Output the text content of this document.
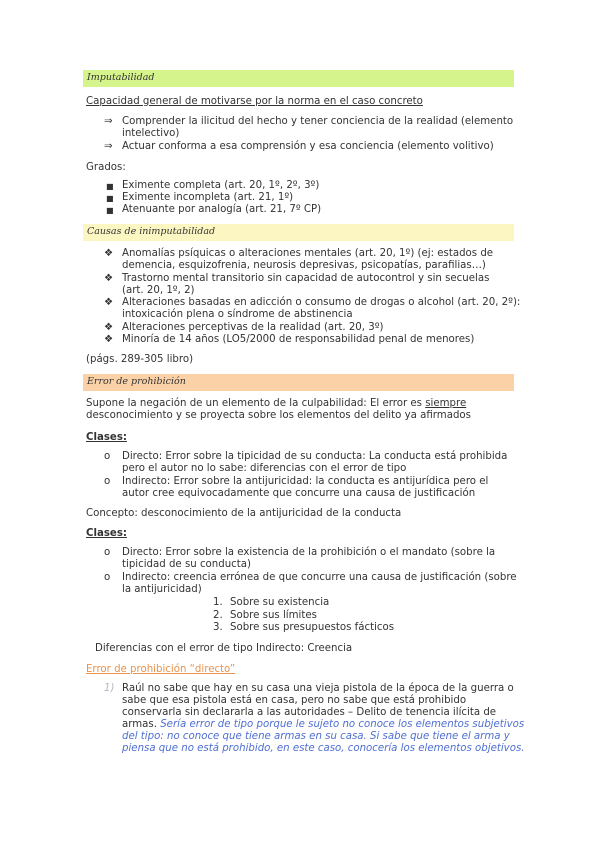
Imputabilidad
Capacidad general de motivarse por la norma en el caso concreto
⇒ Comprender la ilicitud del hecho y tener conciencia de la realidad (elemento
intelectivo)
⇒ Actuar conforma a esa comprensión y esa conciencia (elemento volitivo)
Grados:
■ Eximente completa (art. 20, 1º, 2º, 3º)
■ Eximente incompleta (art. 21, 1º)
■ Atenuante por analogía (art. 21, 7º CP)
Causas de inimputabilidad
❖ Anomalías psíquicas o alteraciones mentales (art. 20, 1º) (ej: estados de
demencia, esquizofrenia, neurosis depresivas, psicopatías, parafilias…)
❖ Trastorno mental transitorio sin capacidad de autocontrol y sin secuelas
(art. 20, 1º, 2)
❖ Alteraciones basadas en adicción o consumo de drogas o alcohol (art. 20, 2º):
intoxicación plena o síndrome de abstinencia
❖ Alteraciones perceptivas de la realidad (art. 20, 3º)
❖ Minoría de 14 años (LO5/2000 de responsabilidad penal de menores)
(págs. 289-305 libro)
Error de prohibición
Supone la negación de un elemento de la culpabilidad: El error es siempre
desconocimiento y se proyecta sobre los elementos del delito ya afirmados
Clases:
o Directo: Error sobre la tipicidad de su conducta: La conducta está prohibida
pero el autor no lo sabe: diferencias con el error de tipo
o Indirecto: Error sobre la antijuricidad: la conducta es antijurídica pero el
autor cree equivocadamente que concurre una causa de justificación
Concepto: desconocimiento de la antijuricidad de la conducta
Clases:
o Directo: Error sobre la existencia de la prohibición o el mandato (sobre la
tipicidad de su conducta)
o Indirecto: creencia errónea de que concurre una causa de justificación (sobre
la antijuricidad)
1. Sobre su existencia
2. Sobre sus límites
3. Sobre sus presupuestos fácticos
Diferencias con el error de tipo Indirecto: Creencia
Error de prohibición “directo”
1) Raúl no sabe que hay en su casa una vieja pistola de la época de la guerra o
sabe que esa pistola está en casa, pero no sabe que está prohibido
conservarla sin declararla a las autoridades – Delito de tenencia ilícita de
armas. Sería error de tipo porque le sujeto no conoce los elementos subjetivos
del tipo: no conoce que tiene armas en su casa. Si sabe que tiene el arma y
piensa que no está prohibido, en este caso, conocería los elementos objetivos.
